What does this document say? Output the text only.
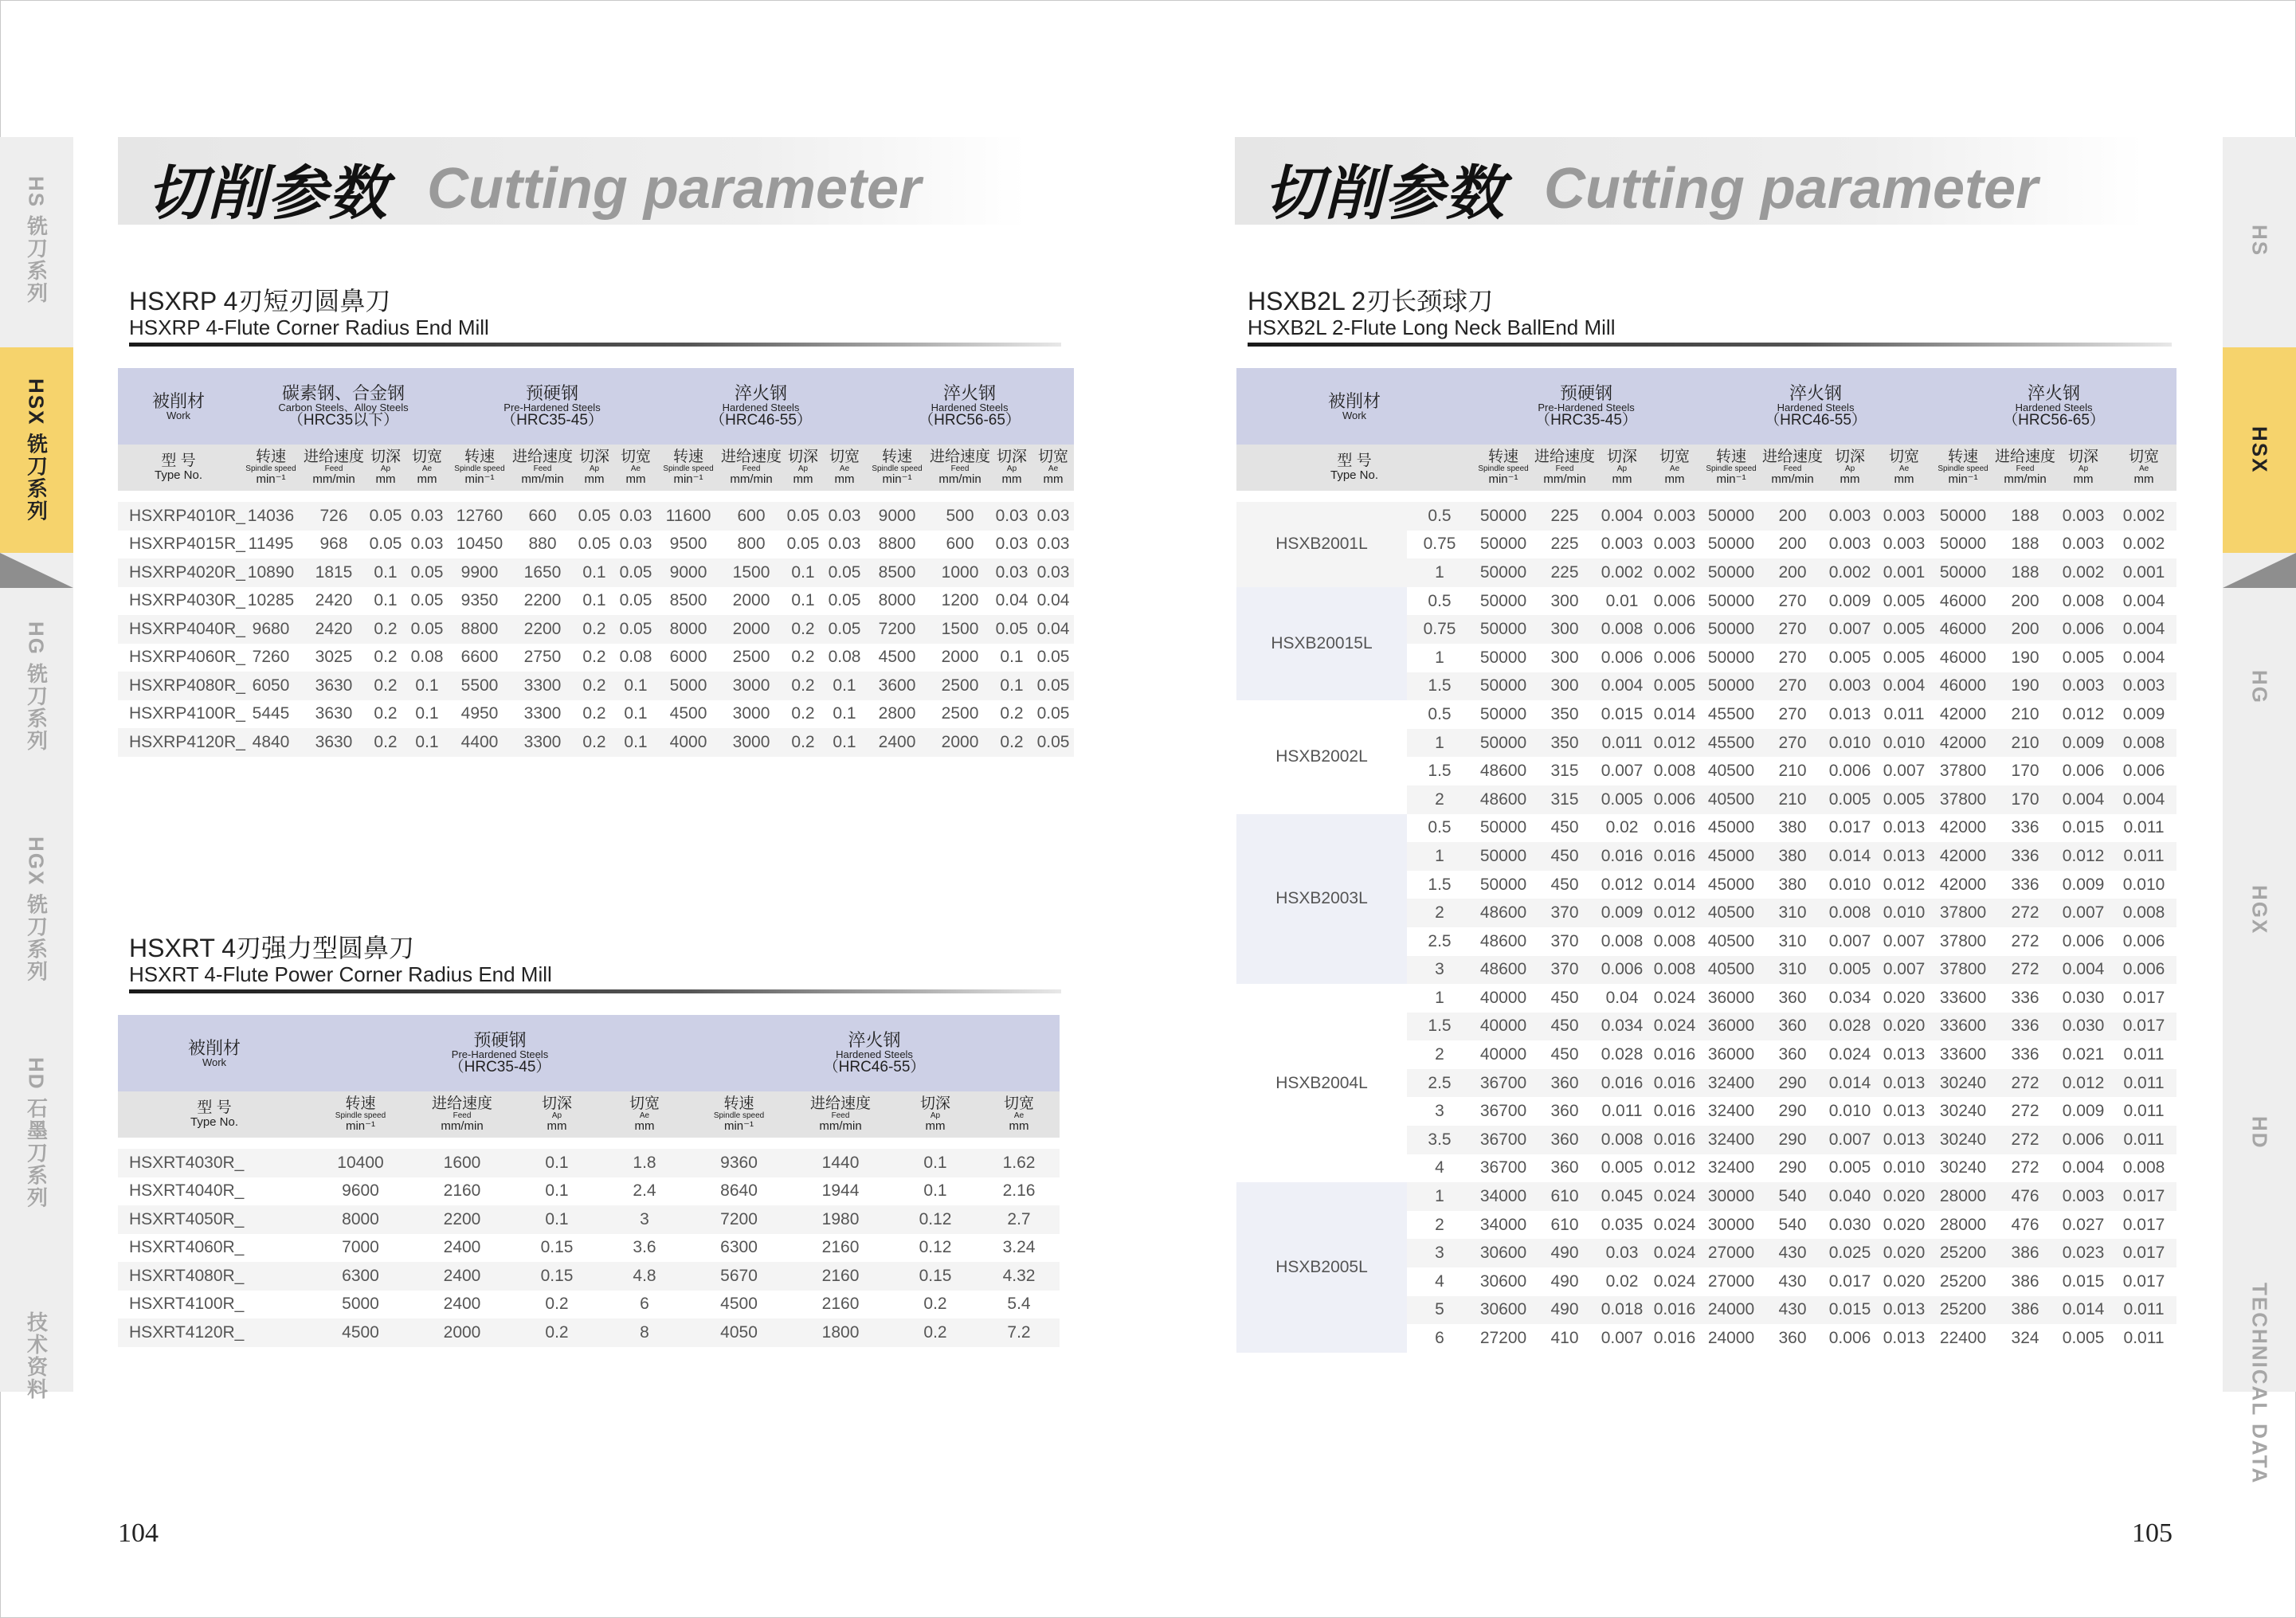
HS 铣刀系列
HSX 铣刀系列
HG 铣刀系列
HGX 铣刀系列
HD 石墨刀系列
技术资料
HS
HSX
HG
HGX
HD
TECHNICAL DATA
切削参数 Cutting parameter	切削参数 Cutting parameter
HSXRP 4刃短刃圆鼻刀
HSXRP 4-Flute Corner Radius End Mill
HSXRT 4刃强力型圆鼻刀
HSXRT 4-Flute Power Corner Radius End Mill
HSXB2L 2刃长颈球刀
HSXB2L 2-Flute Long Neck BallEnd Mill
被削材
Work	碳素钢、合金钢
Carbon Steels、Alloy Steels
（HRC35以下）				预硬钢
Pre-Hardened Steels
（HRC35-45）				淬火钢
Hardened Steels
（HRC46-55）				淬火钢
Hardened Steels
（HRC56-65）			

型 号
Type No.	转速
Spindle speed
min⁻¹	进给速度
Feed
mm/min	切深
Ap
mm	切宽
Ae
mm	转速
Spindle speed
min⁻¹	进给速度
Feed
mm/min	切深
Ap
mm	切宽
Ae
mm	转速
Spindle speed
min⁻¹	进给速度
Feed
mm/min	切深
Ap
mm	切宽
Ae
mm	转速
Spindle speed
min⁻¹	进给速度
Feed
mm/min	切深
Ap
mm	切宽
Ae
mm

HSXRP4010R_	14036	726	0.05	0.03	12760	660	0.05	0.03	11600	600	0.05	0.03	9000	500	0.03	0.03
HSXRP4015R_	11495	968	0.05	0.03	10450	880	0.05	0.03	9500	800	0.05	0.03	8800	600	0.03	0.03
HSXRP4020R_	10890	1815	0.1	0.05	9900	1650	0.1	0.05	9000	1500	0.1	0.05	8500	1000	0.03	0.03
HSXRP4030R_	10285	2420	0.1	0.05	9350	2200	0.1	0.05	8500	2000	0.1	0.05	8000	1200	0.04	0.04
HSXRP4040R_	9680	2420	0.2	0.05	8800	2200	0.2	0.05	8000	2000	0.2	0.05	7200	1500	0.05	0.04
HSXRP4060R_	7260	3025	0.2	0.08	6600	2750	0.2	0.08	6000	2500	0.2	0.08	4500	2000	0.1	0.05
HSXRP4080R_	6050	3630	0.2	0.1	5500	3300	0.2	0.1	5000	3000	0.2	0.1	3600	2500	0.1	0.05
HSXRP4100R_	5445	3630	0.2	0.1	4950	3300	0.2	0.1	4500	3000	0.2	0.1	2800	2500	0.2	0.05
HSXRP4120R_	4840	3630	0.2	0.1	4400	3300	0.2	0.1	4000	3000	0.2	0.1	2400	2000	0.2	0.05
被削材
Work	预硬钢
Pre-Hardened Steels
（HRC35-45）				淬火钢
Hardened Steels
（HRC46-55）			

型 号
Type No.	转速
Spindle speed
min⁻¹	进给速度
Feed
mm/min	切深
Ap
mm	切宽
Ae
mm	转速
Spindle speed
min⁻¹	进给速度
Feed
mm/min	切深
Ap
mm	切宽
Ae
mm

HSXRT4030R_	10400	1600	0.1	1.8	9360	1440	0.1	1.62
HSXRT4040R_	9600	2160	0.1	2.4	8640	1944	0.1	2.16
HSXRT4050R_	8000	2200	0.1	3	7200	1980	0.12	2.7
HSXRT4060R_	7000	2400	0.15	3.6	6300	2160	0.12	3.24
HSXRT4080R_	6300	2400	0.15	4.8	5670	2160	0.15	4.32
HSXRT4100R_	5000	2400	0.2	6	4500	2160	0.2	5.4
HSXRT4120R_	4500	2000	0.2	8	4050	1800	0.2	7.2
被削材
Work		预硬钢
Pre-Hardened Steels
（HRC35-45）				淬火钢
Hardened Steels
（HRC46-55）				淬火钢
Hardened Steels
（HRC56-65）			

型 号
Type No.		转速
Spindle speed
min⁻¹	进给速度
Feed
mm/min	切深
Ap
mm	切宽
Ae
mm	转速
Spindle speed
min⁻¹	进给速度
Feed
mm/min	切深
Ap
mm	切宽
Ae
mm	转速
Spindle speed
min⁻¹	进给速度
Feed
mm/min	切深
Ap
mm	切宽
Ae
mm

HSXB2001L	0.5	50000	225	0.004	0.003	50000	200	0.003	0.003	50000	188	0.003	0.002
	0.75	50000	225	0.003	0.003	50000	200	0.003	0.003	50000	188	0.003	0.002
	1	50000	225	0.002	0.002	50000	200	0.002	0.001	50000	188	0.002	0.001
HSXB20015L	0.5	50000	300	0.01	0.006	50000	270	0.009	0.005	46000	200	0.008	0.004
	0.75	50000	300	0.008	0.006	50000	270	0.007	0.005	46000	200	0.006	0.004
	1	50000	300	0.006	0.006	50000	270	0.005	0.005	46000	190	0.005	0.004
	1.5	50000	300	0.004	0.005	50000	270	0.003	0.004	46000	190	0.003	0.003
HSXB2002L	0.5	50000	350	0.015	0.014	45500	270	0.013	0.011	42000	210	0.012	0.009
	1	50000	350	0.011	0.012	45500	270	0.010	0.010	42000	210	0.009	0.008
	1.5	48600	315	0.007	0.008	40500	210	0.006	0.007	37800	170	0.006	0.006
	2	48600	315	0.005	0.006	40500	210	0.005	0.005	37800	170	0.004	0.004
HSXB2003L	0.5	50000	450	0.02	0.016	45000	380	0.017	0.013	42000	336	0.015	0.011
	1	50000	450	0.016	0.016	45000	380	0.014	0.013	42000	336	0.012	0.011
	1.5	50000	450	0.012	0.014	45000	380	0.010	0.012	42000	336	0.009	0.010
	2	48600	370	0.009	0.012	40500	310	0.008	0.010	37800	272	0.007	0.008
	2.5	48600	370	0.008	0.008	40500	310	0.007	0.007	37800	272	0.006	0.006
	3	48600	370	0.006	0.008	40500	310	0.005	0.007	37800	272	0.004	0.006
HSXB2004L	1	40000	450	0.04	0.024	36000	360	0.034	0.020	33600	336	0.030	0.017
	1.5	40000	450	0.034	0.024	36000	360	0.028	0.020	33600	336	0.030	0.017
	2	40000	450	0.028	0.016	36000	360	0.024	0.013	33600	336	0.021	0.011
	2.5	36700	360	0.016	0.016	32400	290	0.014	0.013	30240	272	0.012	0.011
	3	36700	360	0.011	0.016	32400	290	0.010	0.013	30240	272	0.009	0.011
	3.5	36700	360	0.008	0.016	32400	290	0.007	0.013	30240	272	0.006	0.011
	4	36700	360	0.005	0.012	32400	290	0.005	0.010	30240	272	0.004	0.008
HSXB2005L	1	34000	610	0.045	0.024	30000	540	0.040	0.020	28000	476	0.003	0.017
	2	34000	610	0.035	0.024	30000	540	0.030	0.020	28000	476	0.027	0.017
	3	30600	490	0.03	0.024	27000	430	0.025	0.020	25200	386	0.023	0.017
	4	30600	490	0.02	0.024	27000	430	0.017	0.020	25200	386	0.015	0.017
	5	30600	490	0.018	0.016	24000	430	0.015	0.013	25200	386	0.014	0.011
	6	27200	410	0.007	0.016	24000	360	0.006	0.013	22400	324	0.005	0.011
104	105
